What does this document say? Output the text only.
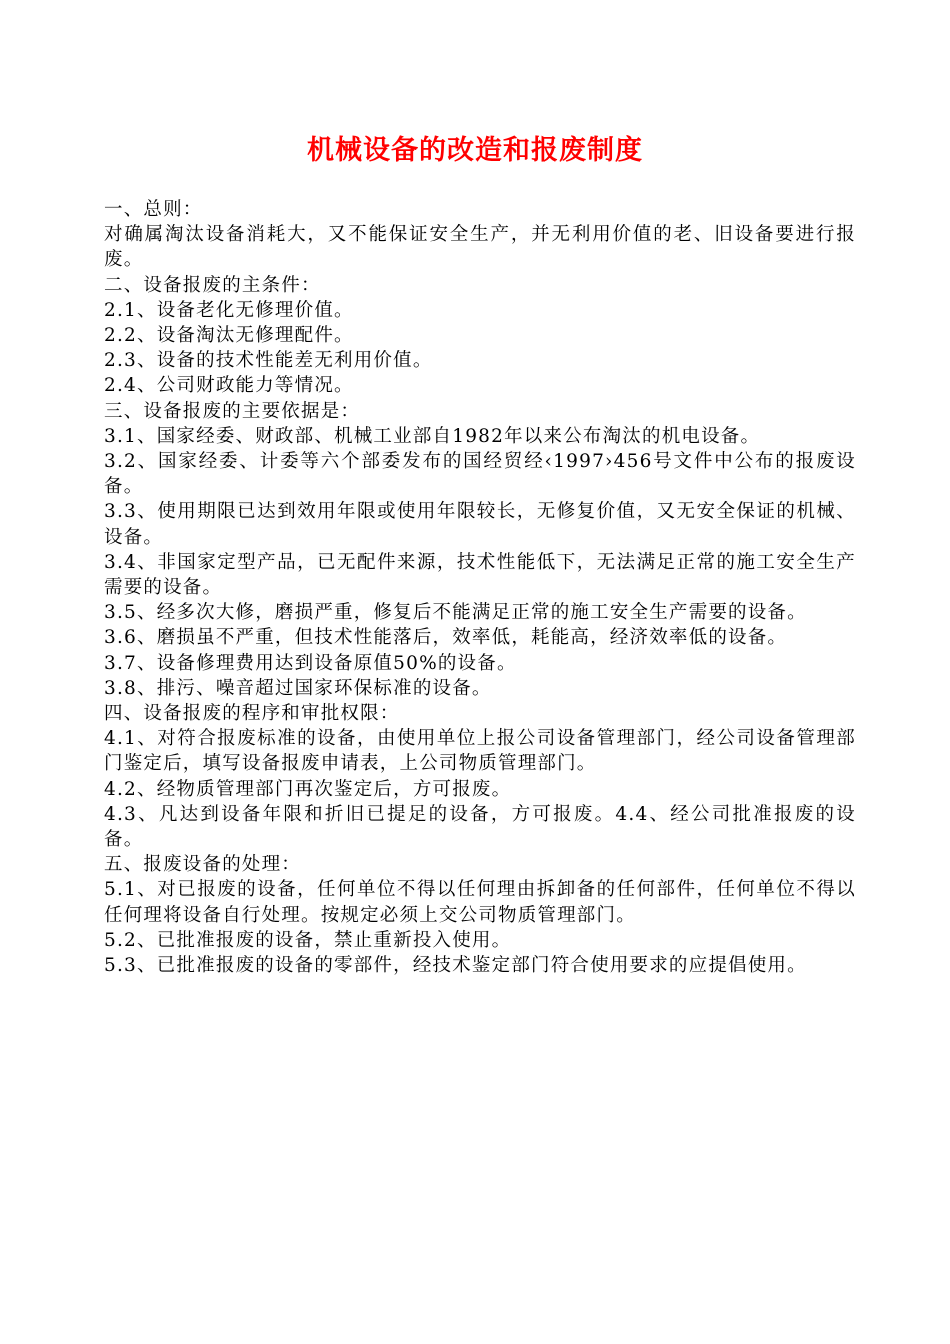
机械设备的改造和报废制度

一、总则：

对确属淘汰设备消耗大，又不能保证安全生产，并无利用价值的老、旧设备要进行报废。

二、设备报废的主条件：

2.1、设备老化无修理价值。

2.2、设备淘汰无修理配件。

2.3、设备的技术性能差无利用价值。

2.4、公司财政能力等情况。

三、设备报废的主要依据是：

3.1、国家经委、财政部、机械工业部自1982年以来公布淘汰的机电设备。

3.2、国家经委、计委等六个部委发布的国经贸经‹1997›456号文件中公布的报废设备。

3.3、使用期限已达到效用年限或使用年限较长，无修复价值，又无安全保证的机械、设备。

3.4、非国家定型产品，已无配件来源，技术性能低下，无法满足正常的施工安全生产需要的设备。

3.5、经多次大修，磨损严重，修复后不能满足正常的施工安全生产需要的设备。

3.6、磨损虽不严重，但技术性能落后，效率低，耗能高，经济效率低的设备。

3.7、设备修理费用达到设备原值50%的设备。

3.8、排污、噪音超过国家环保标准的设备。

四、设备报废的程序和审批权限：

4.1、对符合报废标准的设备，由使用单位上报公司设备管理部门，经公司设备管理部门鉴定后，填写设备报废申请表，上公司物质管理部门。

4.2、经物质管理部门再次鉴定后，方可报废。

4.3、凡达到设备年限和折旧已提足的设备，方可报废。4.4、经公司批准报废的设备。

五、报废设备的处理：

5.1、对已报废的设备，任何单位不得以任何理由拆卸备的任何部件，任何单位不得以任何理将设备自行处理。按规定必须上交公司物质管理部门。

5.2、已批准报废的设备，禁止重新投入使用。

5.3、已批准报废的设备的零部件，经技术鉴定部门符合使用要求的应提倡使用。
